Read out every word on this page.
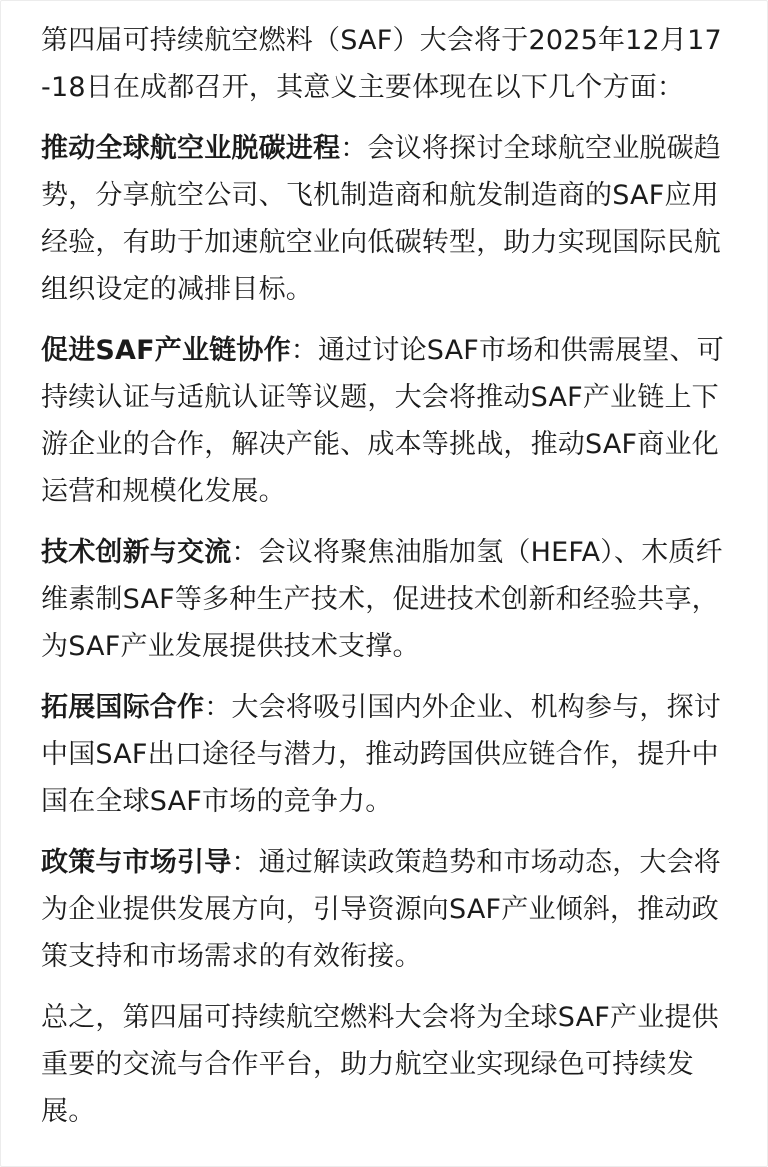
第四届可持续航空燃料（SAF）大会将于2025年12月17-18日在成都召开，其意义主要体现在以下几个方面：

推动全球航空业脱碳进程：会议将探讨全球航空业脱碳趋势，分享航空公司、飞机制造商和航发制造商的SAF应用经验，有助于加速航空业向低碳转型，助力实现国际民航组织设定的减排目标。

促进SAF产业链协作：通过讨论SAF市场和供需展望、可持续认证与适航认证等议题，大会将推动SAF产业链上下游企业的合作，解决产能、成本等挑战，推动SAF商业化运营和规模化发展。

技术创新与交流：会议将聚焦油脂加氢（HEFA）、木质纤维素制SAF等多种生产技术，促进技术创新和经验共享，为SAF产业发展提供技术支撑。

拓展国际合作：大会将吸引国内外企业、机构参与，探讨中国SAF出口途径与潜力，推动跨国供应链合作，提升中国在全球SAF市场的竞争力。

政策与市场引导：通过解读政策趋势和市场动态，大会将为企业提供发展方向，引导资源向SAF产业倾斜，推动政策支持和市场需求的有效衔接。

总之，第四届可持续航空燃料大会将为全球SAF产业提供重要的交流与合作平台，助力航空业实现绿色可持续发展。
